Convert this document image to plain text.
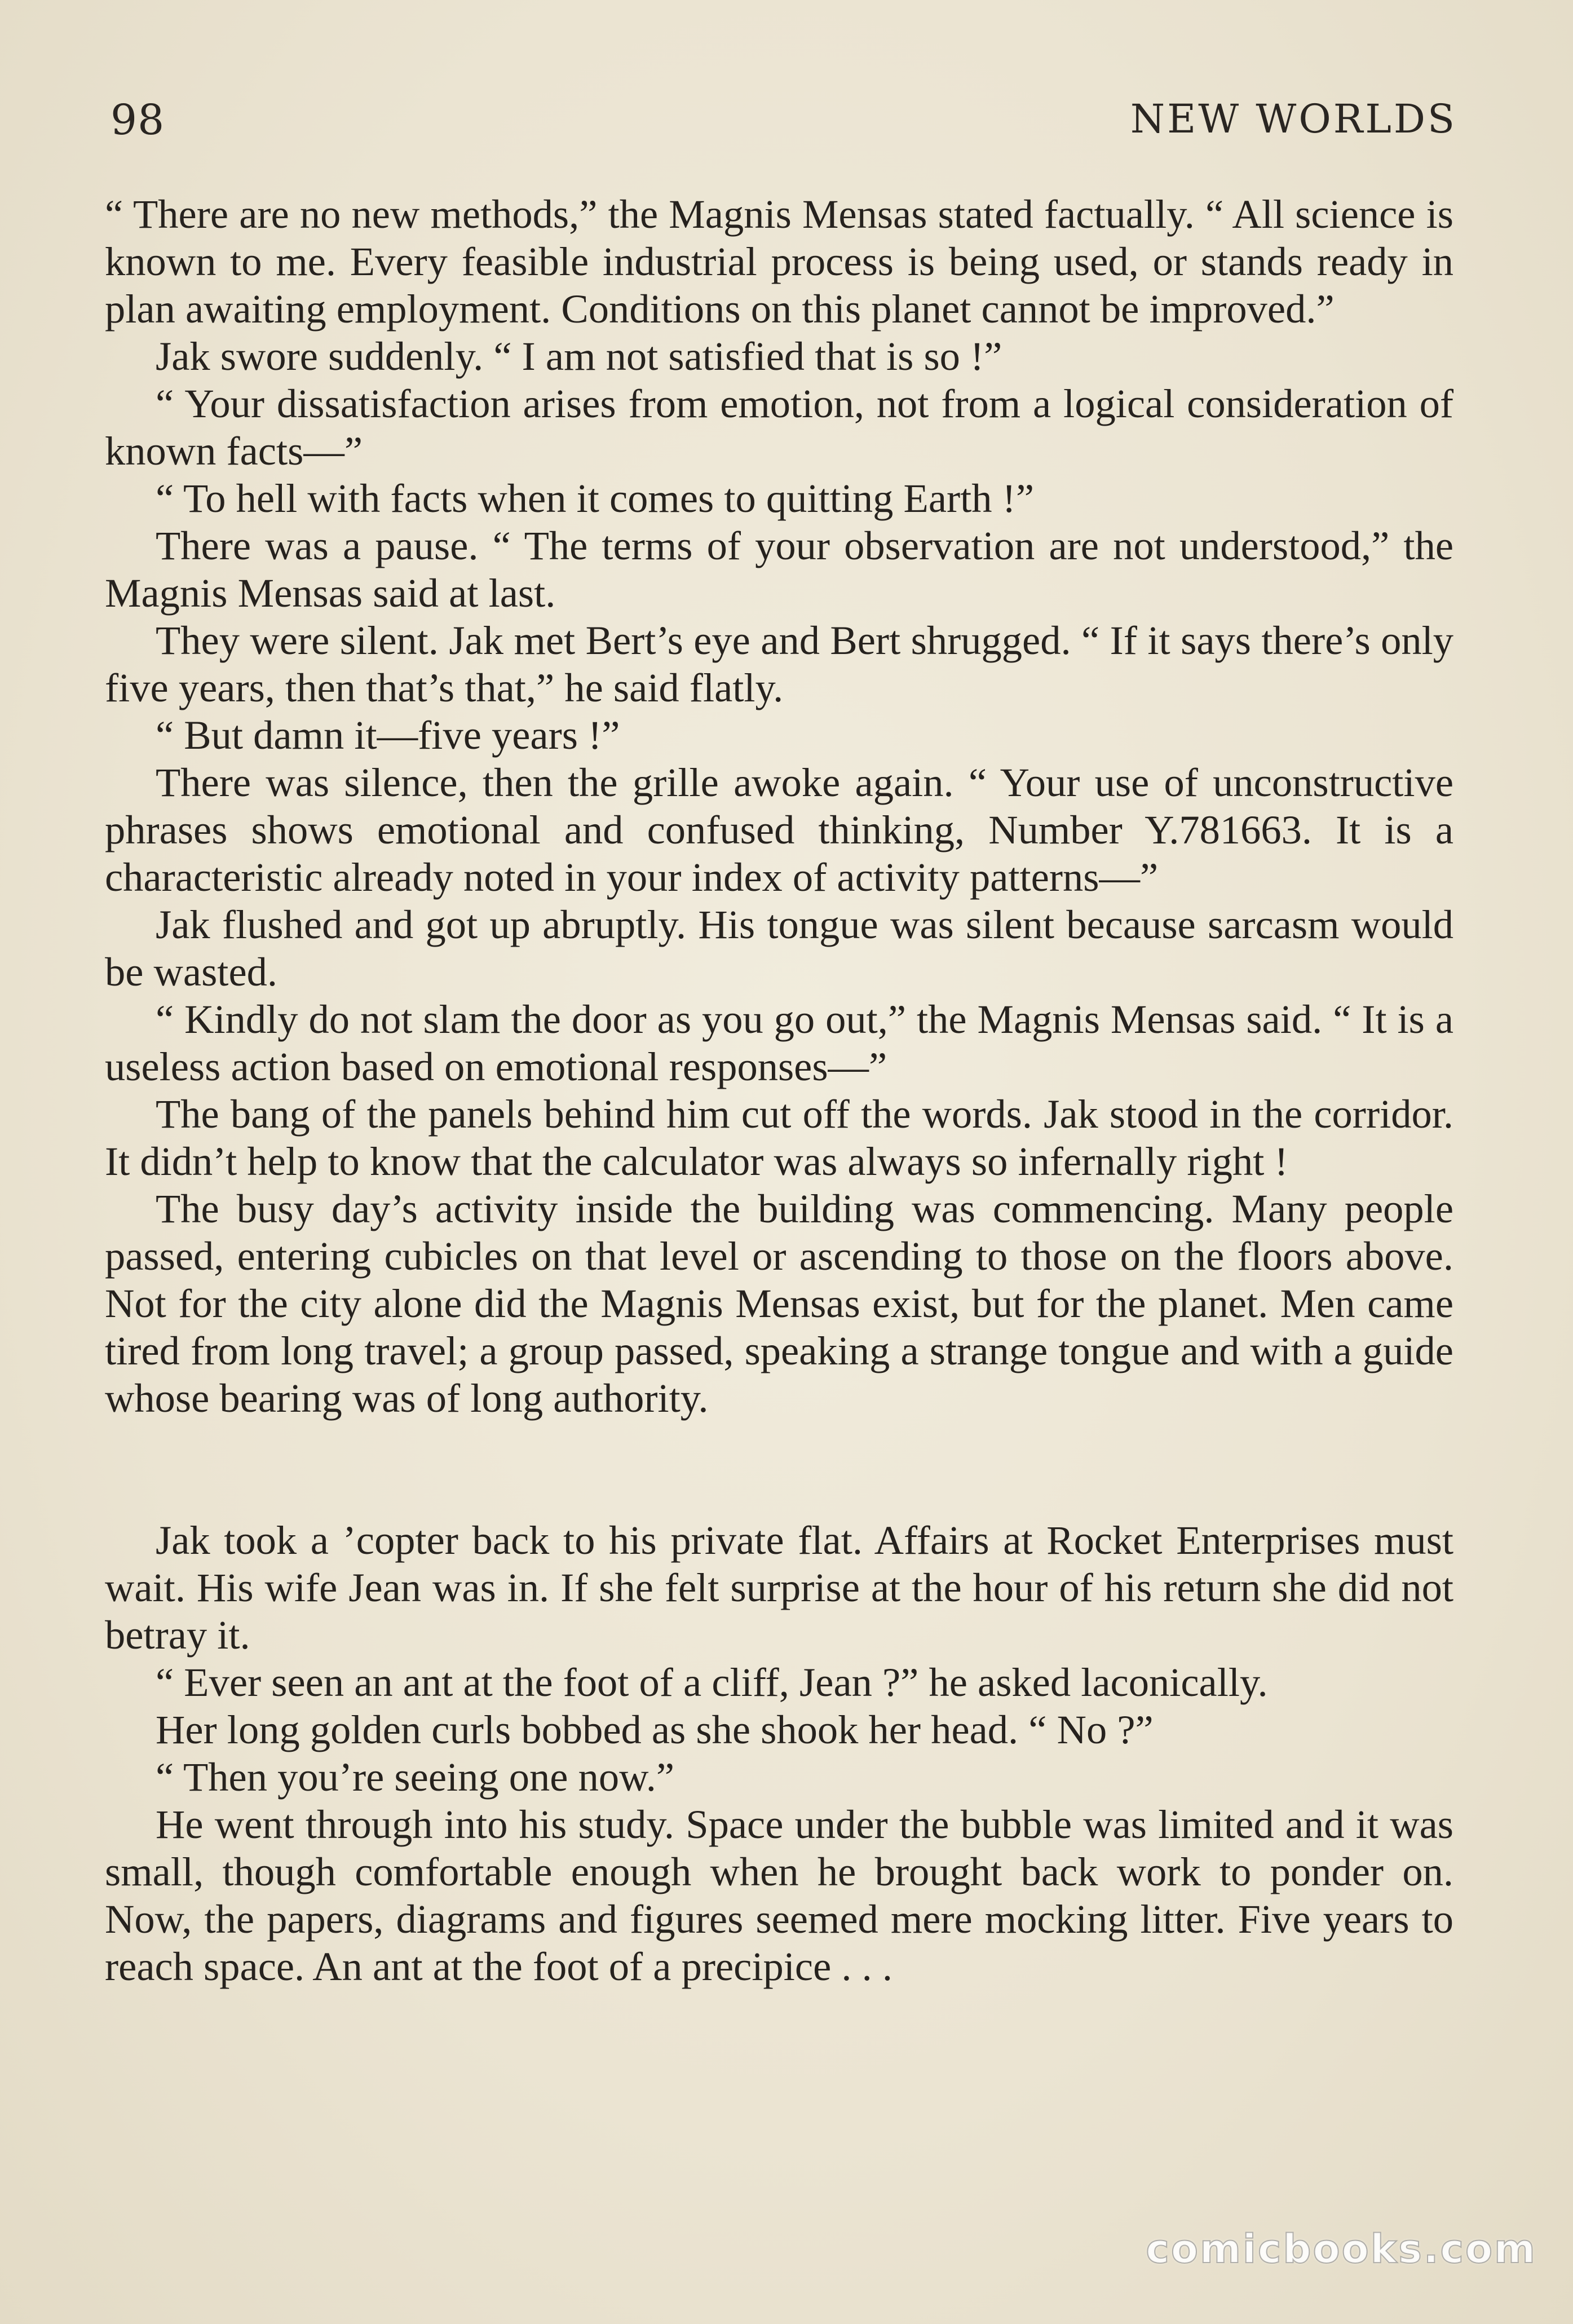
98	NEW WORLDS

“ There are no new methods,” the Magnis Mensas stated factually. “ All science is known to me. Every feasible industrial process is being used, or stands ready in plan awaiting employment. Conditions on this planet cannot be improved.”

Jak swore suddenly. “ I am not satisfied that is so !”

“ Your dissatisfaction arises from emotion, not from a logical consideration of known facts—”

“ To hell with facts when it comes to quitting Earth !”

There was a pause. “ The terms of your observation are not understood,” the Magnis Mensas said at last.

They were silent. Jak met Bert’s eye and Bert shrugged. “ If it says there’s only five years, then that’s that,” he said flatly.

“ But damn it—five years !”

There was silence, then the grille awoke again. “ Your use of unconstructive phrases shows emotional and confused thinking, Number Y.781663. It is a characteristic already noted in your index of activity patterns—”

Jak flushed and got up abruptly. His tongue was silent because sarcasm would be wasted.

“ Kindly do not slam the door as you go out,” the Magnis Mensas said. “ It is a useless action based on emotional responses—”

The bang of the panels behind him cut off the words. Jak stood in the corridor. It didn’t help to know that the calculator was always so infernally right !

The busy day’s activity inside the building was commencing. Many people passed, entering cubicles on that level or ascending to those on the floors above. Not for the city alone did the Magnis Mensas exist, but for the planet. Men came tired from long travel; a group passed, speaking a strange tongue and with a guide whose bearing was of long authority.

Jak took a ’copter back to his private flat. Affairs at Rocket Enterprises must wait. His wife Jean was in. If she felt surprise at the hour of his return she did not betray it.

“ Ever seen an ant at the foot of a cliff, Jean ?” he asked laconically.

Her long golden curls bobbed as she shook her head. “ No ?”

“ Then you’re seeing one now.”

He went through into his study. Space under the bubble was limited and it was small, though comfortable enough when he brought back work to ponder on. Now, the papers, diagrams and figures seemed mere mocking litter. Five years to reach space. An ant at the foot of a precipice . . .

comicbooks.com
